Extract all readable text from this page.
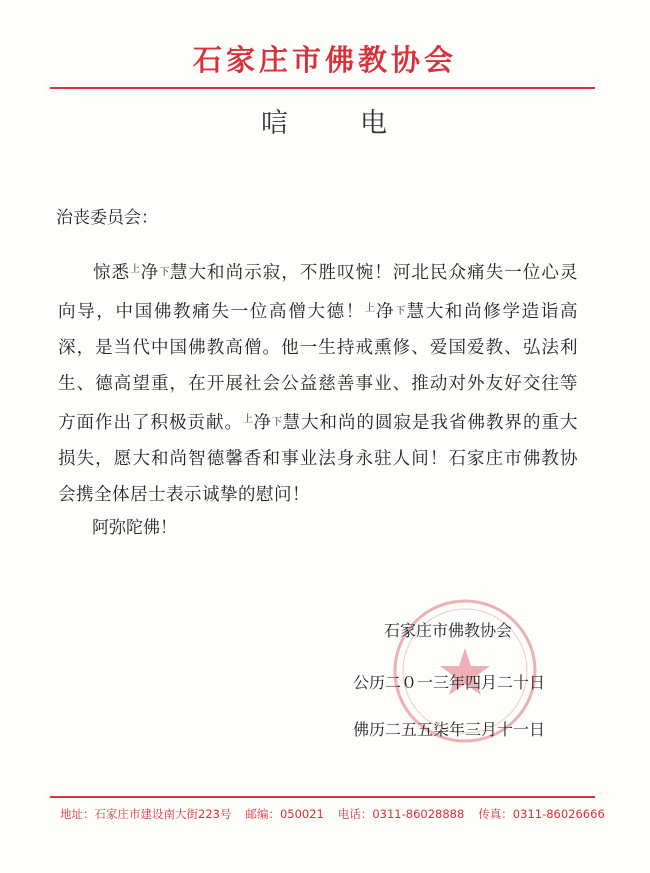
石家庄市佛教协会
唁	电
治丧委员会：

惊悉$^上$净$^下$慧大和尚示寂，不胜叹惋！河北民众痛失一位心灵向导，中国佛教痛失一位高僧大德！$^上$净$^下$慧大和尚修学造诣高深，是当代中国佛教高僧。他一生持戒熏修、爱国爱教、弘法利生、德高望重，在开展社会公益慈善事业、推动对外友好交往等方面作出了积极贡献。$^上$净$^下$慧大和尚的圆寂是我省佛教界的重大损失，愿大和尚智德馨香和事业法身永驻人间！石家庄市佛教协会携全体居士表示诚挚的慰问！

阿弥陀佛！
石家庄市佛教协会
公历二０一三年四月二十日
佛历二五五柒年三月十一日
地址：石家庄市建设南大街223号 邮编：050021 电话：0311-86028888 传真：0311-86026666
